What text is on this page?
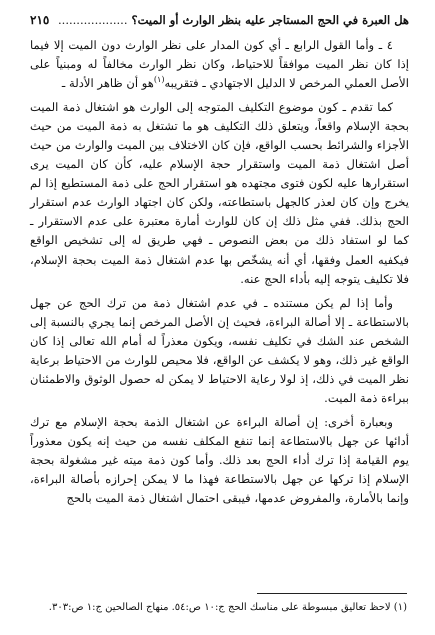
هل العبرة في الحج المستاجر عليه بنظر الوارث أو الميت؟ ...................
٢١٥

٤ ـ وأما القول الرابع ـ أي كون المدار على نظر الوارث دون الميت إلا فيما إذا كان نظر الميت موافقاً للاحتياط، وكان نظر الوارث مخالفاً له ومبنياً على الأصل العملي المرخص لا الدليل الاجتهادي ـ فتقريبه$^{(١)}$هو أن ظاهر الأدلة ـ

كما تقدم ـ كون موضوع التكليف المتوجه إلى الوارث هو اشتغال ذمة الميت بحجة الإسلام واقعاً، ويتعلق ذلك التكليف هو ما تشتغل به ذمة الميت من حيث الأجزاء والشرائط بحسب الواقع، فإن كان الاختلاف بين الميت والوارث من حيث أصل اشتغال ذمة الميت واستقرار حجة الإسلام عليه، كأن كان الميت يرى استقرارها عليه لكون فتوى مجتهده هو استقرار الحج على ذمة المستطيع إذا لم يخرج وإن كان لعذر كالجهل باستطاعته، ولكن كان اجتهاد الوارث عدم استقرار الحج بذلك. ففي مثل ذلك إن كان للوارث أمارة معتبرة على عدم الاستقرار ـ كما لو استفاد ذلك من بعض النصوص ـ فهي طريق له إلى تشخيص الواقع فيكفيه العمل وفقها، أي أنه يشخّص بها عدم اشتغال ذمة الميت بحجة الإسلام، فلا تكليف يتوجه إليه بأداء الحج عنه.

وأما إذا لم يكن مستنده ـ في عدم اشتغال ذمة من ترك الحج عن جهل بالاستطاعة ـ إلا أصالة البراءة، فحيث إن الأصل المرخص إنما يجري بالنسبة إلى الشخص عند الشك في تكليف نفسه، ويكون معذراً له أمام الله تعالى إذا كان الواقع غير ذلك، وهو لا يكشف عن الواقع، فلا محيص للوارث من الاحتياط برعاية نظر الميت في ذلك، إذ لولا رعاية الاحتياط لا يمكن له حصول الوثوق والاطمئنان ببراءة ذمة الميت.

وبعبارة أخرى: إن أصالة البراءة عن اشتغال الذمة بحجة الإسلام مع ترك أدائها عن جهل بالاستطاعة إنما تنفع المكلف نفسه من حيث إنه يكون معذوراً يوم القيامة إذا ترك أداء الحج بعد ذلك. وأما كون ذمة ميته غير مشغولة بحجة الإسلام إذا تركها عن جهل بالاستطاعة فهذا ما لا يمكن إحرازه بأصالة البراءة، وإنما بالأمارة، والمفروض عدمها، فيبقى احتمال اشتغال ذمة الميت بالحج

(١) لاحظ تعاليق مبسوطة على مناسك الحج ج:١٠ ص:٥٤. منهاج الصالحين ج:١ ص:٣٠٣.
